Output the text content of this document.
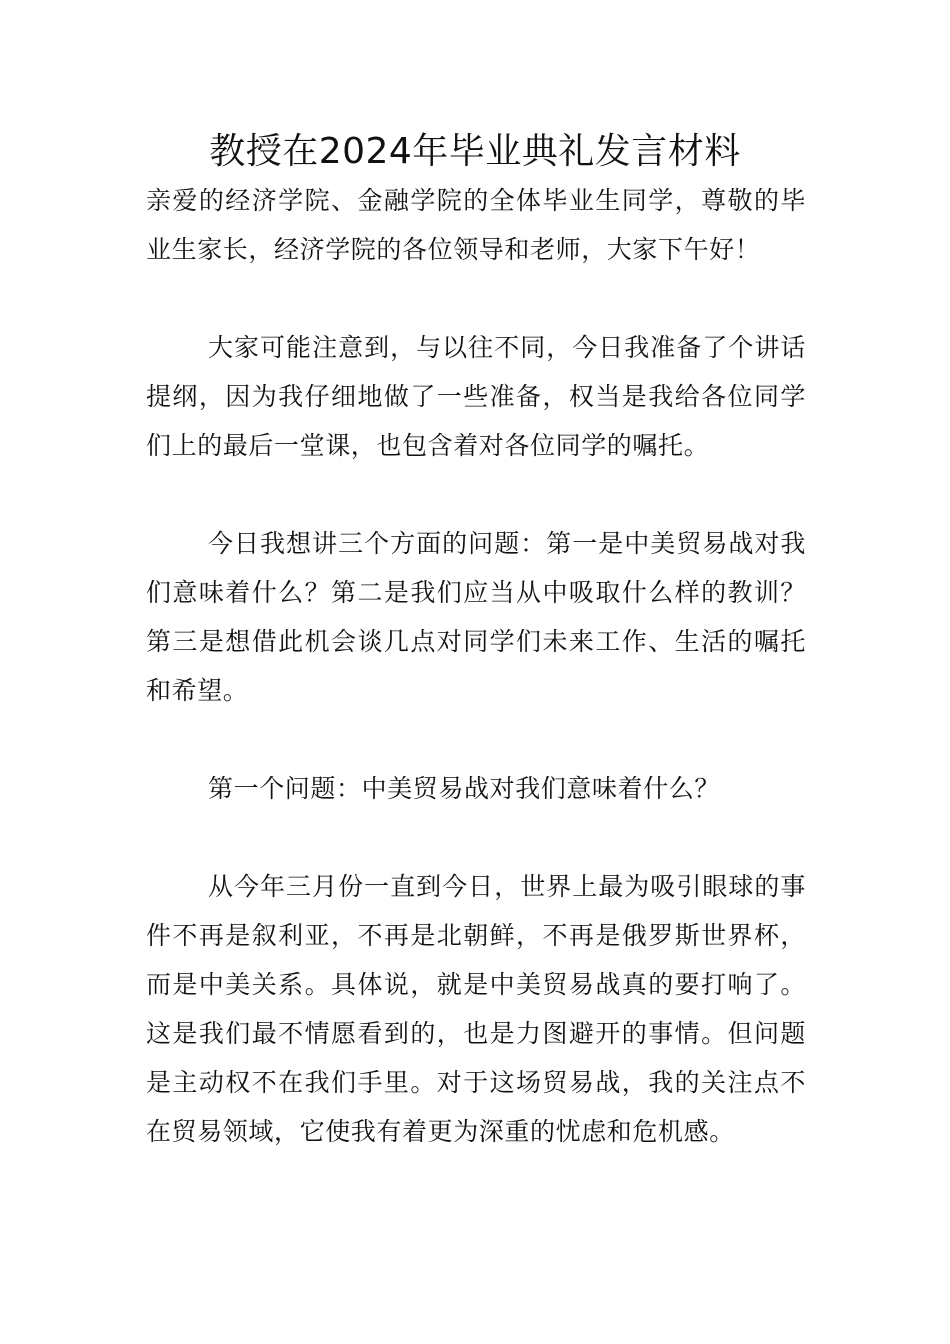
教授在2024年毕业典礼发言材料

亲爱的经济学院、金融学院的全体毕业生同学，尊敬的毕业生家长，经济学院的各位领导和老师，大家下午好！

大家可能注意到，与以往不同，今日我准备了个讲话提纲，因为我仔细地做了一些准备，权当是我给各位同学们上的最后一堂课，也包含着对各位同学的嘱托。

今日我想讲三个方面的问题：第一是中美贸易战对我们意味着什么？第二是我们应当从中吸取什么样的教训？第三是想借此机会谈几点对同学们未来工作、生活的嘱托和希望。

第一个问题：中美贸易战对我们意味着什么？

从今年三月份一直到今日，世界上最为吸引眼球的事件不再是叙利亚，不再是北朝鲜，不再是俄罗斯世界杯，而是中美关系。具体说，就是中美贸易战真的要打响了。这是我们最不情愿看到的，也是力图避开的事情。但问题是主动权不在我们手里。对于这场贸易战，我的关注点不在贸易领域，它使我有着更为深重的忧虑和危机感。
